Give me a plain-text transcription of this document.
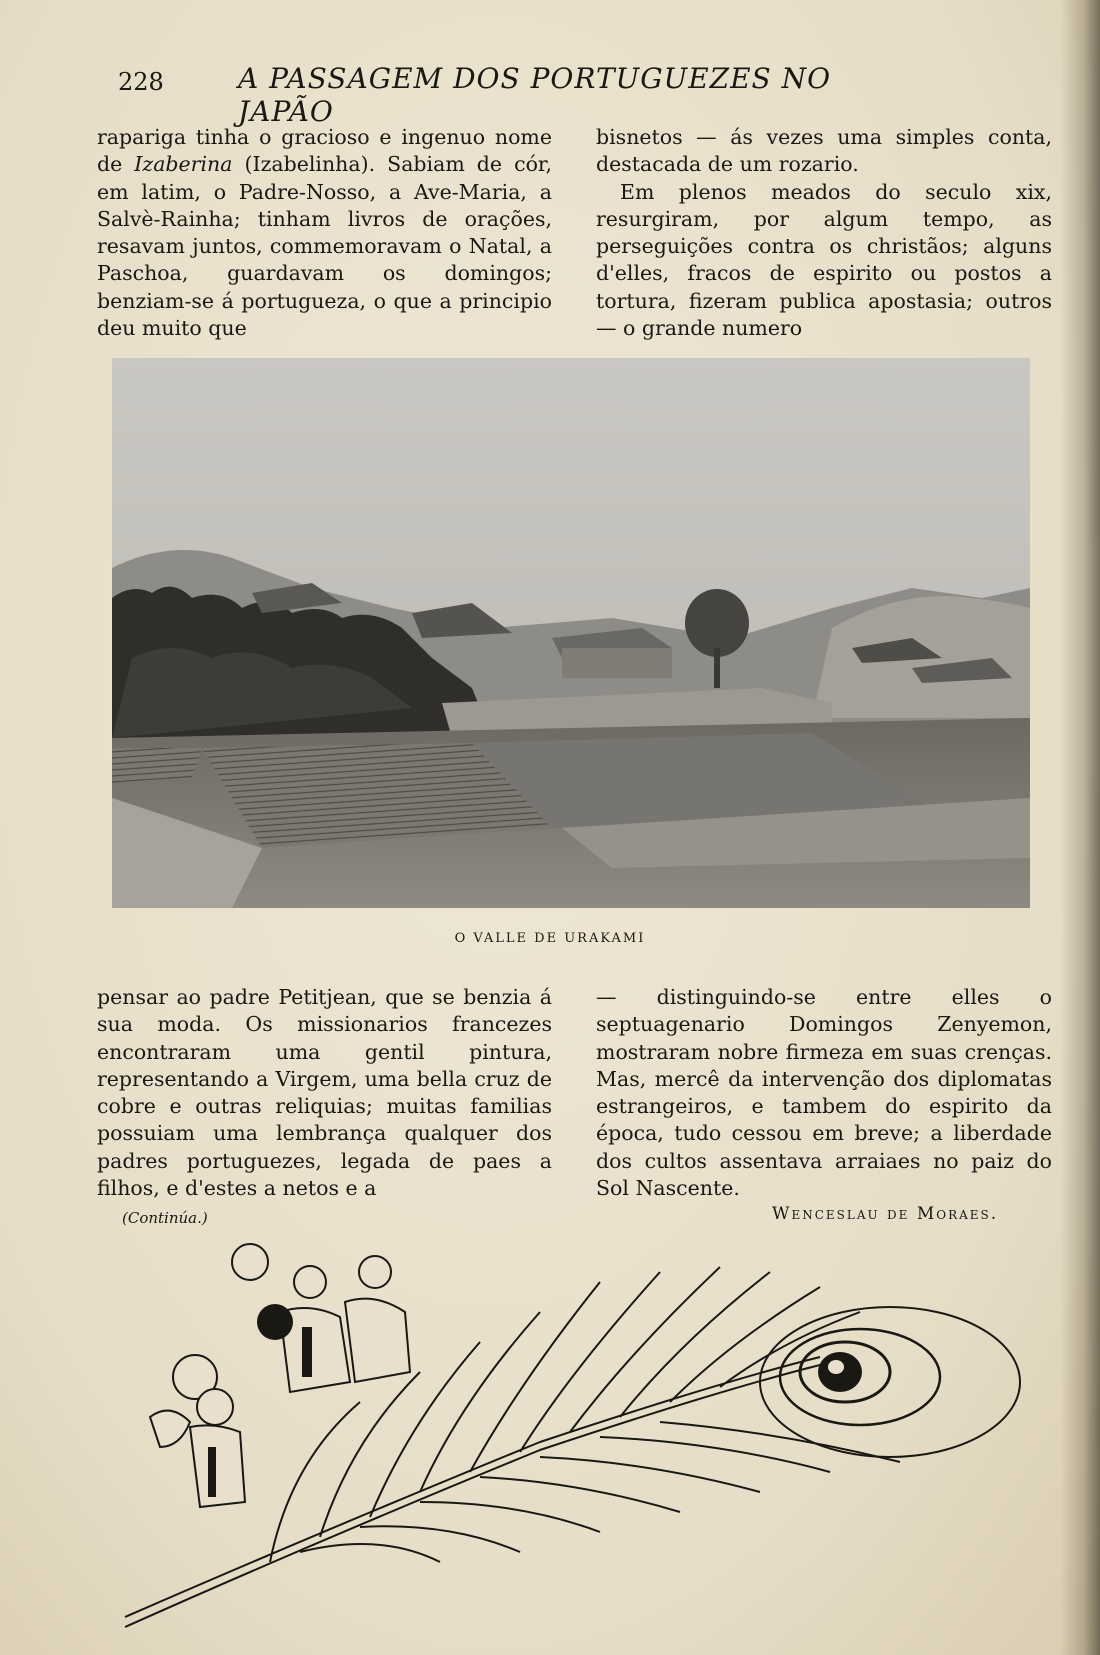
228	A PASSAGEM DOS PORTUGUEZES NO JAPÃO

rapariga tinha o gracioso e ingenuo nome de Izaberina (Izabelinha). Sabiam de cór, em latim, o Padre-Nosso, a Ave-Maria, a Salvè-Rainha; tinham livros de orações, resavam juntos, commemoravam o Natal, a Paschoa, guardavam os domingos; benziam-se á portugueza, o que a principio deu muito que

bisnetos — ás vezes uma simples conta, destacada de um rozario.

Em plenos meados do seculo xix, resurgiram, por algum tempo, as perseguições contra os christãos; alguns d'elles, fracos de espirito ou postos a tortura, fizeram publica apostasia; outros — o grande numero

O VALLE DE URAKAMI

pensar ao padre Petitjean, que se benzia á sua moda. Os missionarios francezes encontraram uma gentil pintura, representando a Virgem, uma bella cruz de cobre e outras reliquias; muitas familias possuiam uma lembrança qualquer dos padres portuguezes, legada de paes a filhos, e d'estes a netos e a

— distinguindo-se entre elles o septuagenario Domingos Zenyemon, mostraram nobre firmeza em suas crenças. Mas, mercê da intervenção dos diplomatas estrangeiros, e tambem do espirito da época, tudo cessou em breve; a liberdade dos cultos assentava arraiaes no paiz do Sol Nascente.

(Continúa.)	Wenceslau de Moraes.
